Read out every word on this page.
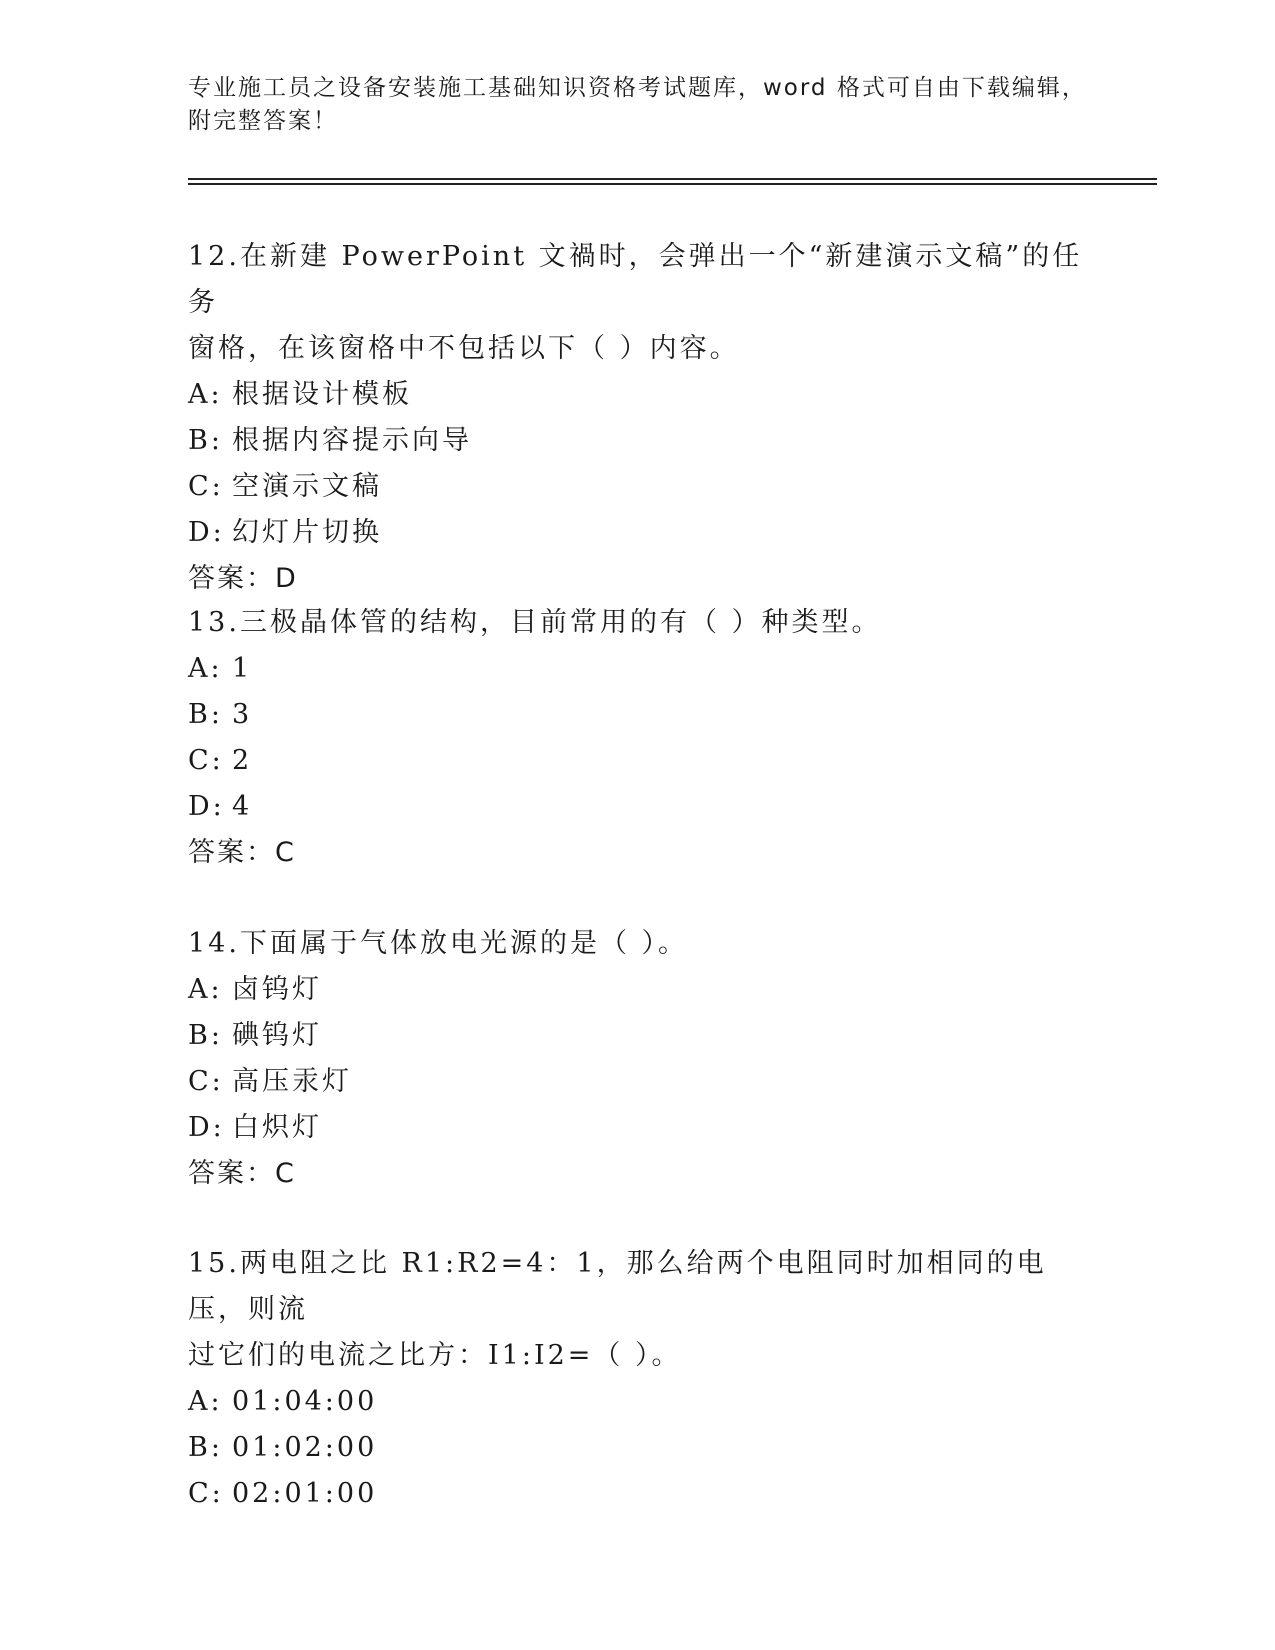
专业施工员之设备安装施工基础知识资格考试题库，word 格式可自由下载编辑，
附完整答案！
12.在新建 PowerPoint 文禍时，会弹出一个“新建演示文稿”的任务
窗格，在该窗格中不包括以下（ ）内容。
A: 根据设计模板
B: 根据内容提示向导
C: 空演示文稿
D: 幻灯片切换
答案：D
13.三极晶体管的结构，目前常用的有（ ）种类型。
A: 1
B: 3
C: 2
D: 4
答案：C
14.下面属于气体放电光源的是（ ）。
A: 卤钨灯
B: 碘钨灯
C: 高压汞灯
D: 白炽灯
答案：C
15.两电阻之比 R1:R2=4：1，那么给两个电阻同时加相同的电压，则流
过它们的电流之比方：I1:I2=（ ）。
A: 01:04:00
B: 01:02:00
C: 02:01:00
